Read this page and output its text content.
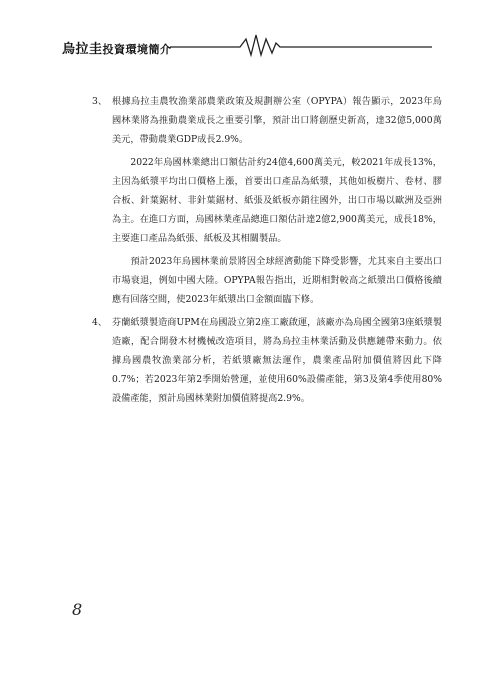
烏拉圭投資環境簡介

3、 根據烏拉圭農牧漁業部農業政策及規劃辦公室（OPYPA）報告顯示，2023年烏國林業將為推動農業成長之重要引擎，預計出口將創歷史新高，達32億5,000萬美元，帶動農業GDP成長2.9%。

2022年烏國林業總出口額估計約24億4,600萬美元，較2021年成長13%，主因為紙漿平均出口價格上漲，首要出口產品為紙漿，其他如板樹片、卷材、膠合板、針葉鋸材、非針葉鋸材、紙張及紙板亦銷往國外，出口市場以歐洲及亞洲為主。在進口方面，烏國林業產品總進口額估計達2億2,900萬美元，成長18%，主要進口產品為紙張、紙板及其相關製品。

預計2023年烏國林業前景將因全球經濟動能下降受影響，尤其來自主要出口市場衰退，例如中國大陸。OPYPA報告指出，近期相對較高之紙漿出口價格後續應有回落空間，使2023年紙漿出口金額面臨下修。

4、 芬蘭紙漿製造商UPM在烏國設立第2座工廠啟運，該廠亦為烏國全國第3座紙漿製造廠，配合開發木材機械改造項目，將為烏拉圭林業活動及供應鏈帶來動力。依據烏國農牧漁業部分析，若紙漿廠無法運作，農業產品附加價值將因此下降0.7%；若2023年第2季開始營運，並使用60%設備產能，第3及第4季使用80%設備產能，預計烏國林業附加價值將提高2.9%。

8
